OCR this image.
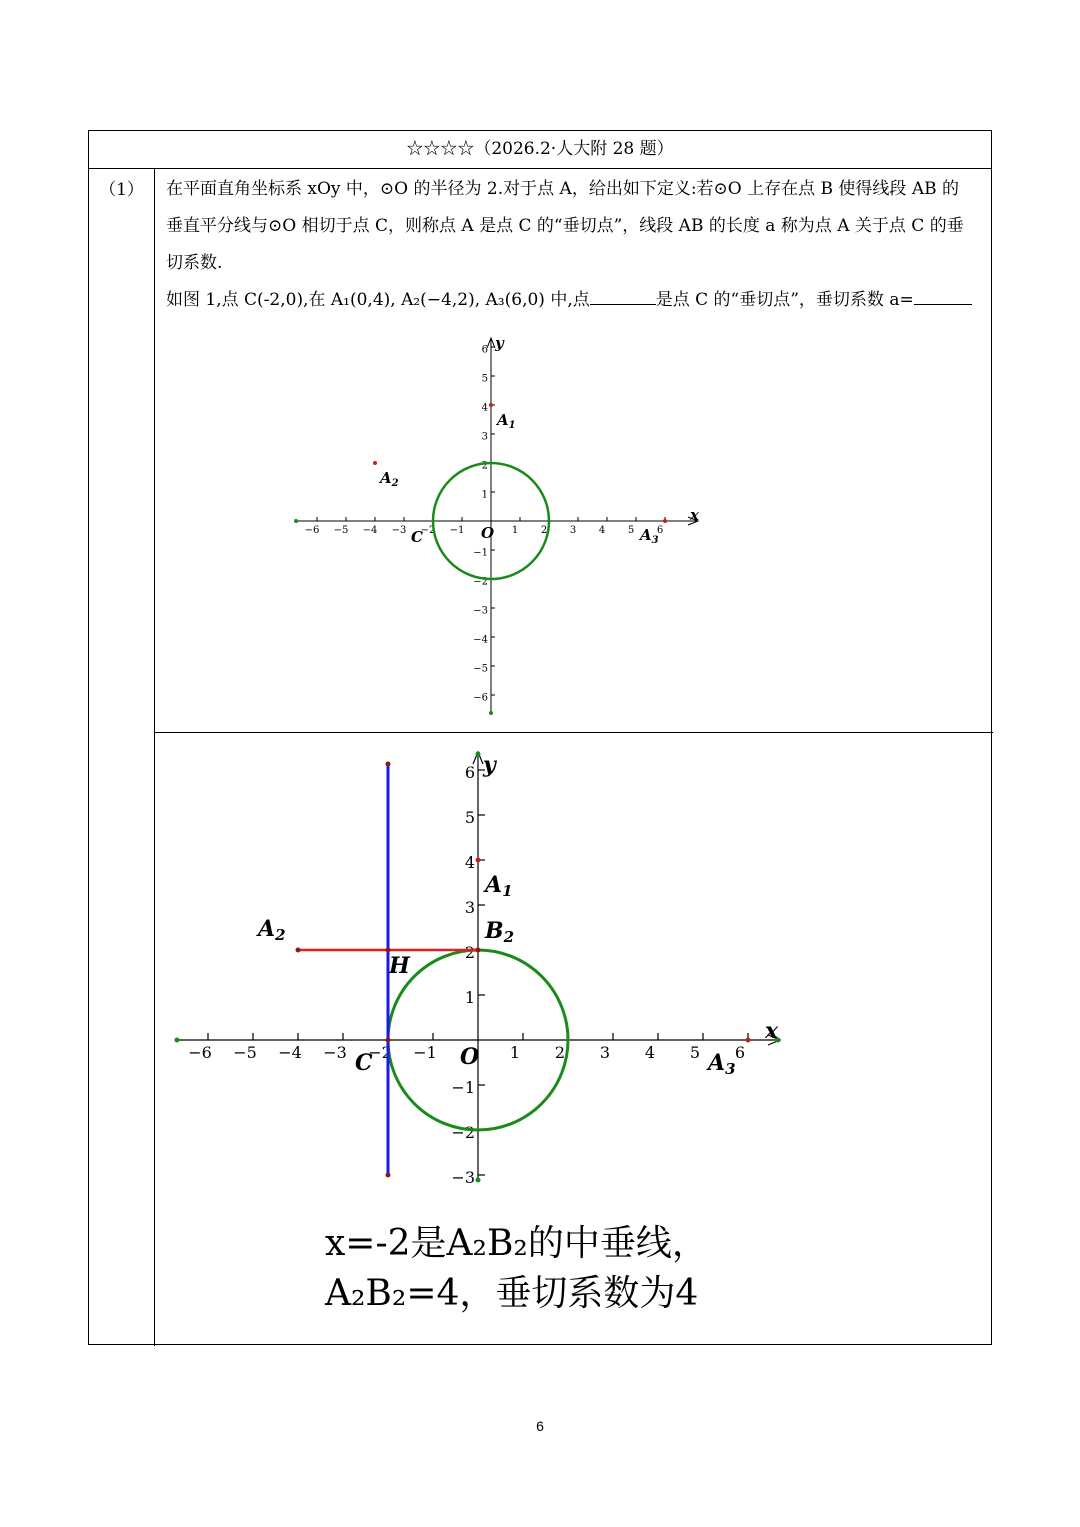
☆☆☆☆（2026.2·人大附 28 题）
（1）	在平面直角坐标系 xOy 中，⊙O 的半径为 2.对于点 A，给出如下定义:若⊙O 上存在点 B 使得线段 AB 的

垂直平分线与⊙O 相切于点 C，则称点 A 是点 C 的“垂切点”，线段 AB 的长度 a 称为点 A 关于点 C 的垂

切系数.

如图 1,点 C(-2,0),在 A₁(0,4), A₂(−4,2), A₃(6,0) 中,点	是点 C 的“垂切点”，垂切系数 a=

−6 −5 −4 −3 −2 −1	1 2 3 4 5 6
6
5
4
3
2
1
−1
−2
−3
−4
−5
−6
x
y
O
C
$A_1$
$A_2$
$A_3$
−6 −5 −4 −3 −2 −1	1 2 3 4 5 6
6
5
4
3
2
1
−1
−2
−3
x
y
O
C
H
A1
A2	B2
A3
x=-2是A₂B₂的中垂线，
A₂B₂=4，垂切系数为4
6
